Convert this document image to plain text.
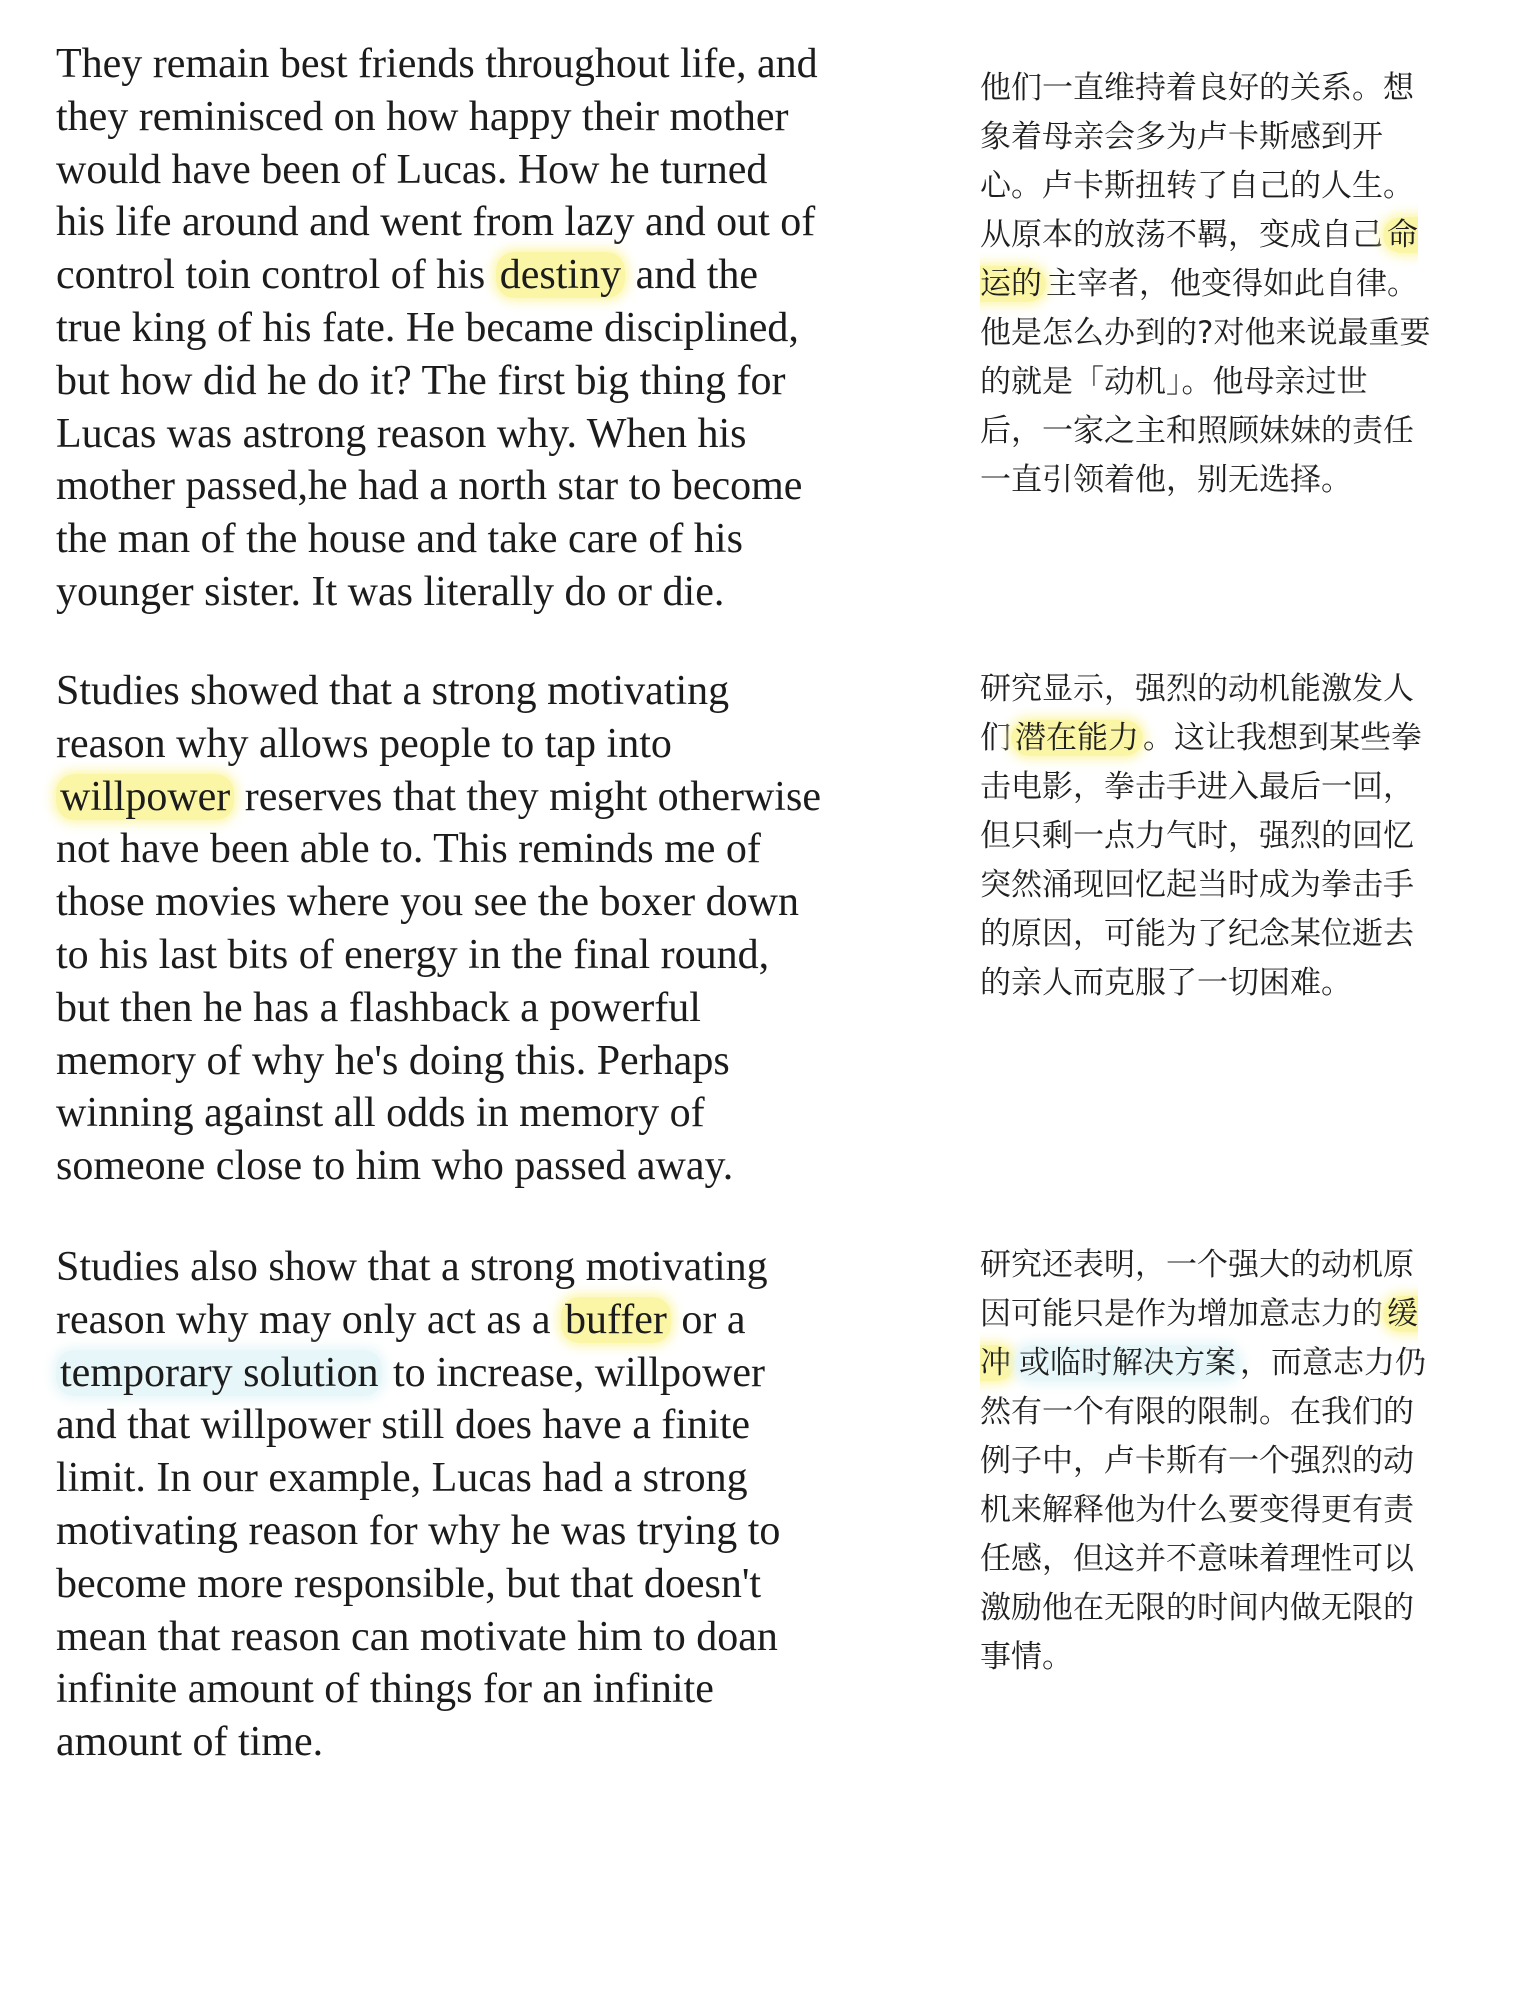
They remain best friends throughout life, and
they reminisced on how happy their mother
would have been of Lucas. How he turned
his life around and went from lazy and out of
control toin control of his destiny and the
true king of his fate. He became disciplined,
but how did he do it? The first big thing for
Lucas was astrong reason why. When his
mother passed,he had a north star to become
the man of the house and take care of his
younger sister. It was literally do or die.

他们一直维持着良好的关系。想
象着母亲会多为卢卡斯感到开
心。卢卡斯扭转了自己的人生。
从原本的放荡不羁，变成自己 命
运的 主宰者，他变得如此自律。
他是怎么办到的?对他来说最重要
的就是「动机」。他母亲过世
后，一家之主和照顾妹妹的责任
一直引领着他，别无选择。

Studies showed that a strong motivating
reason why allows people to tap into
willpower reserves that they might otherwise
not have been able to. This reminds me of
those movies where you see the boxer down
to his last bits of energy in the final round,
but then he has a flashback a powerful
memory of why he's doing this. Perhaps
winning against all odds in memory of
someone close to him who passed away.

研究显示，强烈的动机能激发人
们 潜在能力 。这让我想到某些拳
击电影，拳击手进入最后一回，
但只剩一点力气时，强烈的回忆
突然涌现回忆起当时成为拳击手
的原因，可能为了纪念某位逝去
的亲人而克服了一切困难。

Studies also show that a strong motivating
reason why may only act as a buffer or a
temporary solution to increase, willpower
and that willpower still does have a finite
limit. In our example, Lucas had a strong
motivating reason for why he was trying to
become more responsible, but that doesn't
mean that reason can motivate him to doan
infinite amount of things for an infinite
amount of time.

研究还表明，一个强大的动机原
因可能只是作为增加意志力的 缓
冲 或临时解决方案 ，而意志力仍
然有一个有限的限制。在我们的
例子中，卢卡斯有一个强烈的动
机来解释他为什么要变得更有责
任感，但这并不意味着理性可以
激励他在无限的时间内做无限的
事情。
